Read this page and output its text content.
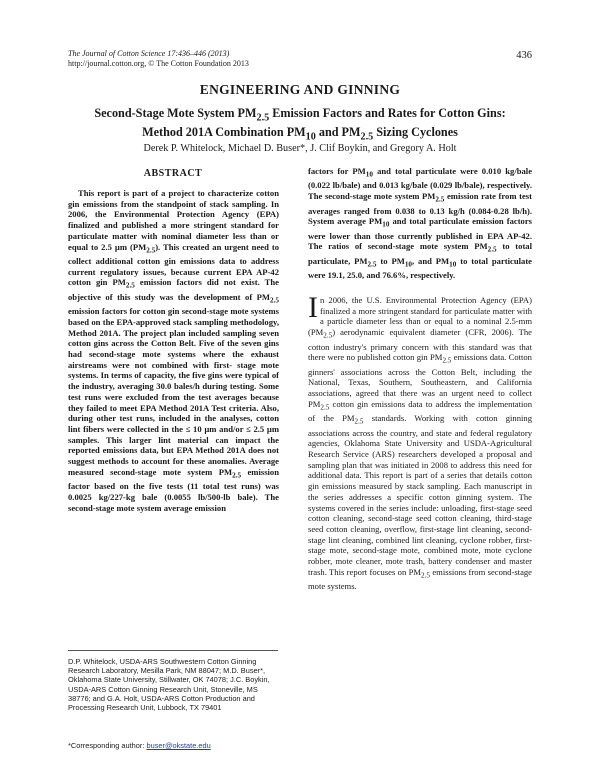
The Journal of Cotton Science 17:436–446 (2013)
http://journal.cotton.org, © The Cotton Foundation 2013
436
ENGINEERING AND GINNING
Second-Stage Mote System $PM_{2.5}$ Emission Factors and Rates for Cotton Gins:
Method 201A Combination $PM_{10}$ and $PM_{2.5}$ Sizing Cyclones
Derek P. Whitelock, Michael D. Buser*, J. Clif Boykin, and Gregory A. Holt
ABSTRACT
This report is part of a project to characterize cotton gin emissions from the standpoint of stack sampling. In 2006, the Environmental Protection Agency (EPA) finalized and published a more stringent standard for particulate matter with nominal diameter less than or equal to 2.5 µm $(PM_{2.5})$. This created an urgent need to collect additional cotton gin emissions data to address current regulatory issues, because current EPA AP-42 cotton gin $PM_{2.5}$ emission factors did not exist. The objective of this study was the development of $PM_{2.5}$ emission factors for cotton gin second-stage mote systems based on the EPA-approved stack sampling methodology, Method 201A. The project plan included sampling seven cotton gins across the Cotton Belt. Five of the seven gins had second-stage mote systems where the exhaust airstreams were not combined with first- stage mote systems. In terms of capacity, the five gins were typical of the industry, averaging 30.0 bales/h during testing. Some test runs were excluded from the test averages because they failed to meet EPA Method 201A Test criteria. Also, during other test runs, included in the analyses, cotton lint fibers were collected in the ≤ 10 µm and/or ≤ 2.5 µm samples. This larger lint material can impact the reported emissions data, but EPA Method 201A does not suggest methods to account for these anomalies. Average measured second-stage mote system $PM_{2.5}$ emission factor based on the five tests (11 total test runs) was 0.0025 kg/227-kg bale (0.0055 lb/500-lb bale). The second-stage mote system average emission
factors for $PM_{10}$ and total particulate were 0.010 kg/bale (0.022 lb/bale) and 0.013 kg/bale (0.029 lb/bale), respectively. The second-stage mote system $PM_{2.5}$ emission rate from test averages ranged from 0.038 to 0.13 kg/h (0.084-0.28 lb/h). System average $PM_{10}$ and total particulate emission factors were lower than those currently published in EPA AP-42. The ratios of second-stage mote system $PM_{2.5}$ to total particulate, $PM_{2.5}$ to $PM_{10}$, and $PM_{10}$ to total particulate were 19.1, 25.0, and 76.6%, respectively.
In 2006, the U.S. Environmental Protection Agency (EPA) finalized a more stringent standard for particulate matter with a particle diameter less than or equal to a nominal 2.5-mm $(PM_{2.5})$ aerodynamic equivalent diameter (CFR, 2006). The cotton industry's primary concern with this standard was that there were no published cotton gin $PM_{2.5}$ emissions data. Cotton ginners' associations across the Cotton Belt, including the National, Texas, Southern, Southeastern, and California associations, agreed that there was an urgent need to collect $PM_{2.5}$ cotton gin emissions data to address the implementation of the $PM_{2.5}$ standards. Working with cotton ginning associations across the country, and state and federal regulatory agencies, Oklahoma State University and USDA-Agricultural Research Service (ARS) researchers developed a proposal and sampling plan that was initiated in 2008 to address this need for additional data. This report is part of a series that details cotton gin emissions measured by stack sampling. Each manuscript in the series addresses a specific cotton ginning system. The systems covered in the series include: unloading, first-stage seed cotton cleaning, second-stage seed cotton cleaning, third-stage seed cotton cleaning, overflow, first-stage lint cleaning, second-stage lint cleaning, combined lint cleaning, cyclone robber, first-stage mote, second-stage mote, combined mote, mote cyclone robber, mote cleaner, mote trash, battery condenser and master trash. This report focuses on $PM_{2.5}$ emissions from second-stage mote systems.
D.P. Whitelock, USDA-ARS Southwestern Cotton Ginning Research Laboratory, Mesilla Park, NM 88047; M.D. Buser*, Oklahoma State University, Stillwater, OK 74078; J.C. Boykin, USDA-ARS Cotton Ginning Research Unit, Stoneville, MS 38776; and G.A. Holt, USDA-ARS Cotton Production and Processing Research Unit, Lubbock, TX 79401
*Corresponding author: buser@okstate.edu
